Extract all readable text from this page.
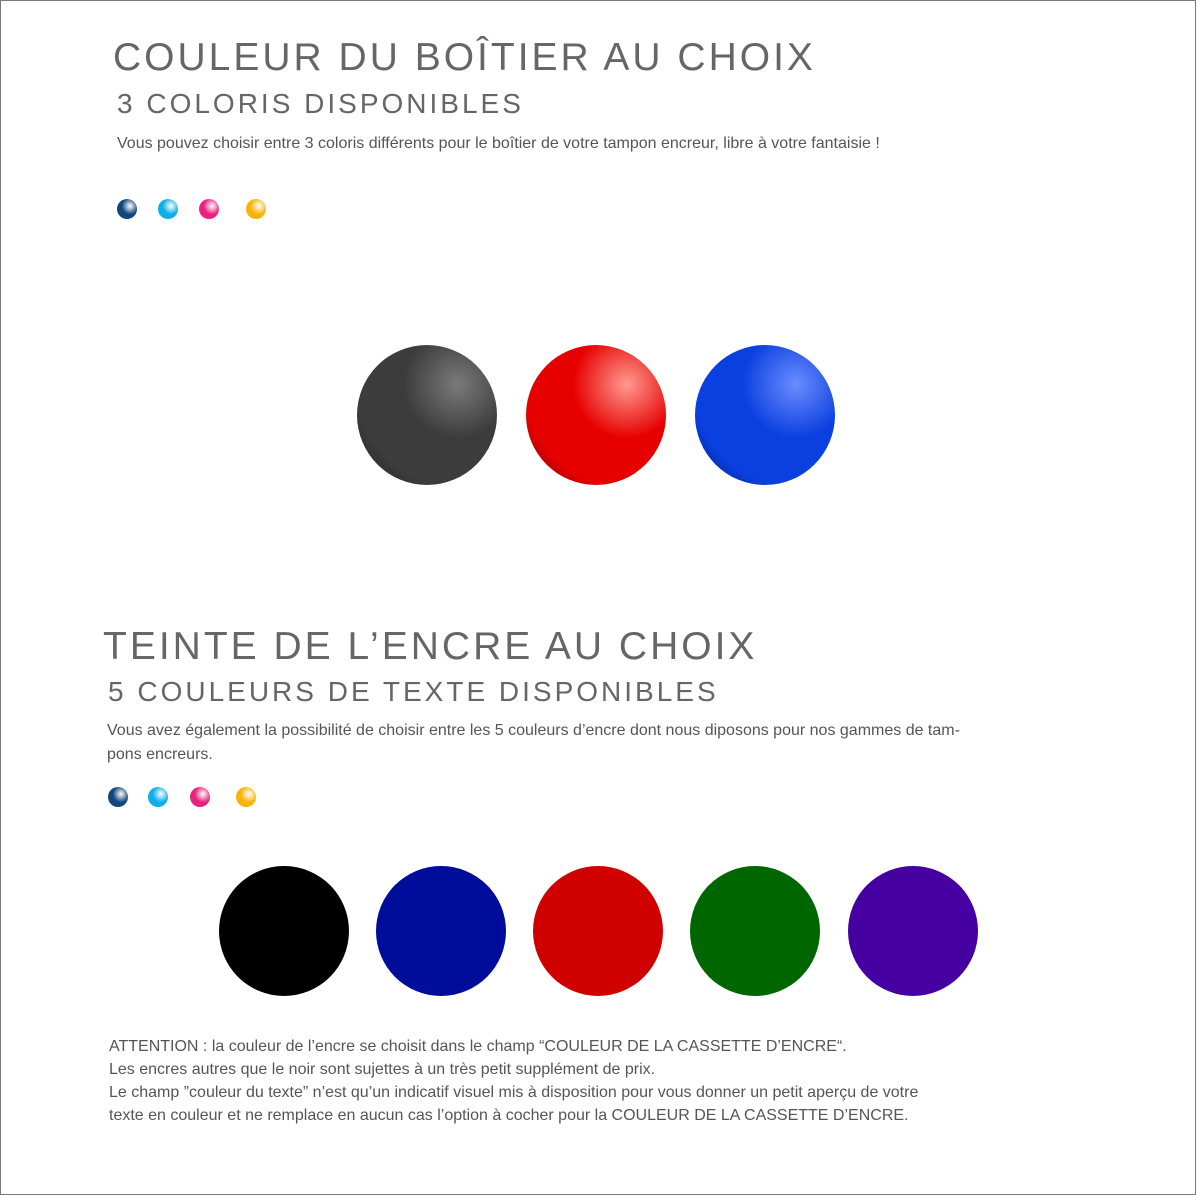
COULEUR DU BOÎTIER AU CHOIX
3 COLORIS DISPONIBLES

Vous pouvez choisir entre 3 coloris différents pour le boîtier de votre tampon encreur, libre à votre fantaisie !

TEINTE DE L’ENCRE AU CHOIX
5 COULEURS DE TEXTE DISPONIBLES

Vous avez également la possibilité de choisir entre les 5 couleurs d’encre dont nous diposons pour nos gammes de tam-
pons encreurs.

ATTENTION : la couleur de l’encre se choisit dans le champ “COULEUR DE LA CASSETTE D’ENCRE“.
Les encres autres que le noir sont sujettes à un très petit supplément de prix.
Le champ ”couleur du texte” n’est qu’un indicatif visuel mis à disposition pour vous donner un petit aperçu de votre
texte en couleur et ne remplace en aucun cas l’option à cocher pour la COULEUR DE LA CASSETTE D’ENCRE.
